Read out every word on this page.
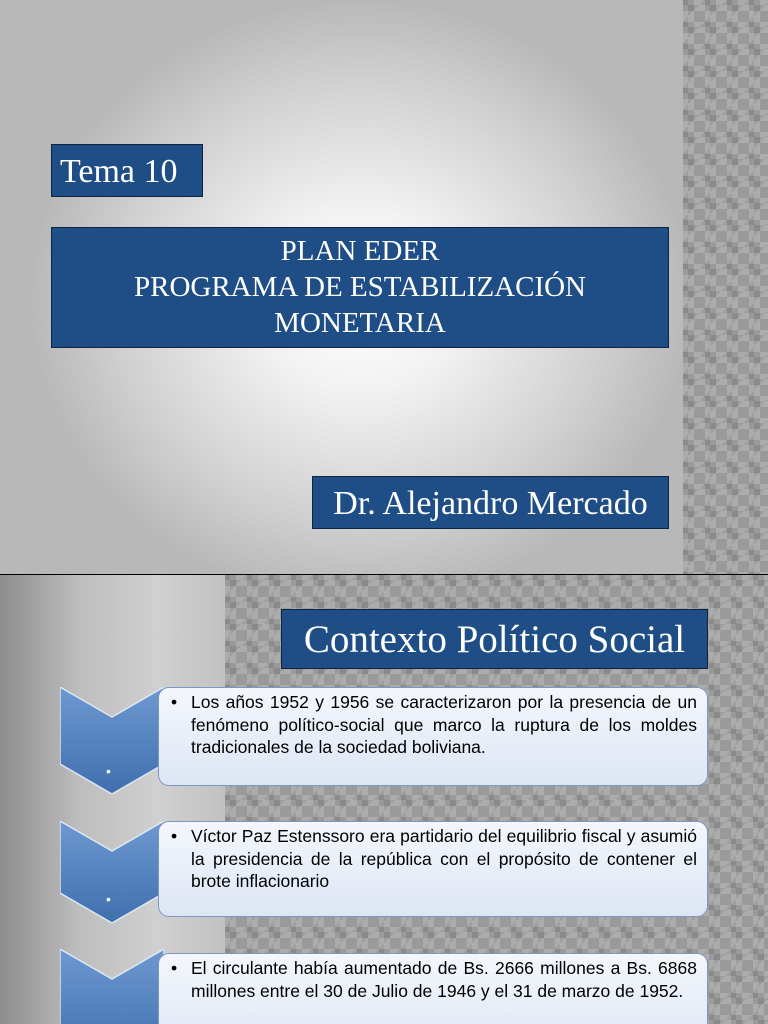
Tema 10
PLAN EDER
PROGRAMA DE ESTABILIZACIÓN
MONETARIA
Dr. Alejandro Mercado
Contexto Político Social
•
• Los años 1952 y 1956 se caracterizaron por la presencia de un fenómeno político-social que marco la ruptura de los moldes tradicionales de la sociedad boliviana.
•
• Víctor Paz Estenssoro era partidario del equilibrio fiscal y asumió la presidencia de la república con el propósito de contener el brote inflacionario
• El circulante había aumentado de Bs. 2666 millones a Bs. 6868 millones entre el 30 de Julio de 1946 y el 31 de marzo de 1952.
